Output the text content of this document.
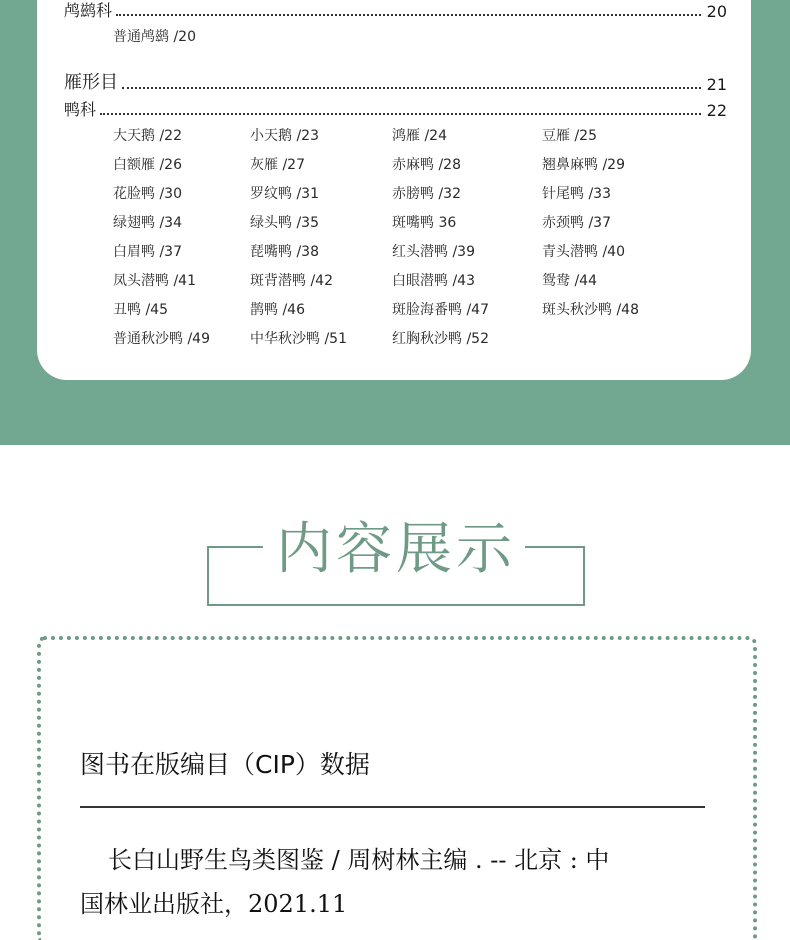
鸬鹚科	20
普通鸬鹚 /20
雁形目	21
鸭科	22
大天鹅 /22	小天鹅 /23	鸿雁 /24	豆雁 /25
白额雁 /26	灰雁 /27	赤麻鸭 /28	翘鼻麻鸭 /29
花脸鸭 /30	罗纹鸭 /31	赤膀鸭 /32	针尾鸭 /33
绿翅鸭 /34	绿头鸭 /35	斑嘴鸭 36	赤颈鸭 /37
白眉鸭 /37	琵嘴鸭 /38	红头潜鸭 /39	青头潜鸭 /40
凤头潜鸭 /41	斑背潜鸭 /42	白眼潜鸭 /43	鸳鸯 /44
丑鸭 /45	鹊鸭 /46	斑脸海番鸭 /47	斑头秋沙鸭 /48
普通秋沙鸭 /49	中华秋沙鸭 /51	红胸秋沙鸭 /52
内容展示
图书在版编目（CIP）数据
长白山野生鸟类图鉴 / 周树林主编 . -- 北京 : 中
国林业出版社，2021.11
